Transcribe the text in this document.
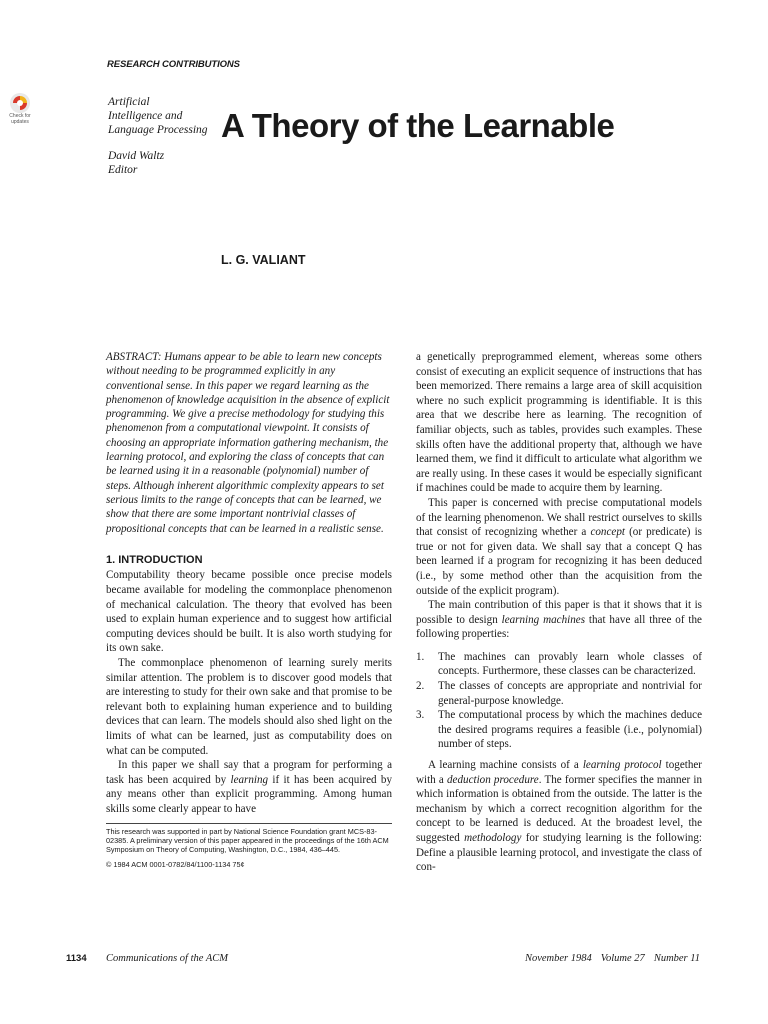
RESEARCH CONTRIBUTIONS
Check for
updates
Artificial
Intelligence and
Language Processing
David Waltz
Editor
A Theory of the Learnable
L. G. VALIANT

ABSTRACT: Humans appear to be able to learn new concepts without needing to be programmed explicitly in any conventional sense. In this paper we regard learning as the phenomenon of knowledge acquisition in the absence of explicit programming. We give a precise methodology for studying this phenomenon from a computational viewpoint. It consists of choosing an appropriate information gathering mechanism, the learning protocol, and exploring the class of concepts that can be learned using it in a reasonable (polynomial) number of steps. Although inherent algorithmic complexity appears to set serious limits to the range of concepts that can be learned, we show that there are some important nontrivial classes of propositional concepts that can be learned in a realistic sense.

1. INTRODUCTION

Computability theory became possible once precise models became available for modeling the commonplace phenomenon of mechanical calculation. The theory that evolved has been used to explain human experience and to suggest how artificial computing devices should be built. It is also worth studying for its own sake.

The commonplace phenomenon of learning surely merits similar attention. The problem is to discover good models that are interesting to study for their own sake and that promise to be relevant both to explaining human experience and to building devices that can learn. The models should also shed light on the limits of what can be learned, just as computability does on what can be computed.

In this paper we shall say that a program for performing a task has been acquired by learning if it has been acquired by any means other than explicit programming. Among human skills some clearly appear to have

This research was supported in part by National Science Foundation grant MCS-83-02385. A preliminary version of this paper appeared in the proceedings of the 16th ACM Symposium on Theory of Computing, Washington, D.C., 1984, 436–445.
© 1984 ACM 0001-0782/84/1100-1134 75¢

a genetically preprogrammed element, whereas some others consist of executing an explicit sequence of instructions that has been memorized. There remains a large area of skill acquisition where no such explicit programming is identifiable. It is this area that we describe here as learning. The recognition of familiar objects, such as tables, provides such examples. These skills often have the additional property that, although we have learned them, we find it difficult to articulate what algorithm we are really using. In these cases it would be especially significant if machines could be made to acquire them by learning.

This paper is concerned with precise computational models of the learning phenomenon. We shall restrict ourselves to skills that consist of recognizing whether a concept (or predicate) is true or not for given data. We shall say that a concept Q has been learned if a program for recognizing it has been deduced (i.e., by some method other than the acquisition from the outside of the explicit program).

The main contribution of this paper is that it shows that it is possible to design learning machines that have all three of the following properties:

1.	The machines can provably learn whole classes of concepts. Furthermore, these classes can be characterized.
2.	The classes of concepts are appropriate and nontrivial for general-purpose knowledge.
3.	The computational process by which the machines deduce the desired programs requires a feasible (i.e., polynomial) number of steps.

A learning machine consists of a learning protocol together with a deduction procedure. The former specifies the manner in which information is obtained from the outside. The latter is the mechanism by which a correct recognition algorithm for the concept to be learned is deduced. At the broadest level, the suggested methodology for studying learning is the following: Define a plausible learning protocol, and investigate the class of con-

1134 Communications of the ACM	November 1984 Volume 27 Number 11
